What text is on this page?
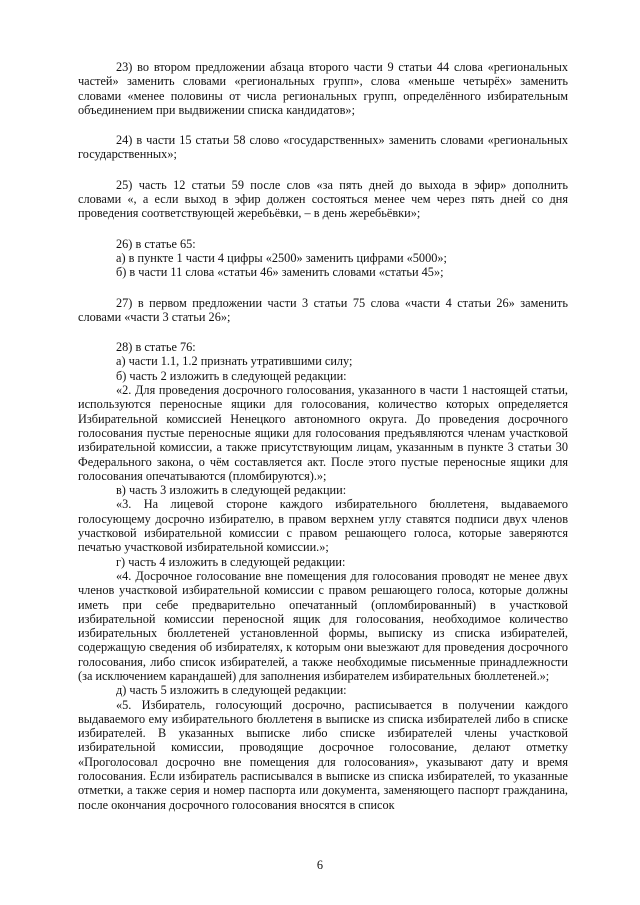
23) во втором предложении абзаца второго части 9 статьи 44 слова «региональных частей» заменить словами «региональных групп», слова «меньше четырёх» заменить словами «менее половины от числа региональных групп, определённого избирательным объединением при выдвижении списка кандидатов»;

24) в части 15 статьи 58 слово «государственных» заменить словами «региональных государственных»;

25) часть 12 статьи 59 после слов «за пять дней до выхода в эфир» дополнить словами «, а если выход в эфир должен состояться менее чем через пять дней со дня проведения соответствующей жеребьёвки, – в день жеребьёвки»;

26) в статье 65:

а) в пункте 1 части 4 цифры «2500» заменить цифрами «5000»;

б) в части 11 слова «статьи 46» заменить словами «статьи 45»;

27) в первом предложении части 3 статьи 75 слова «части 4 статьи 26» заменить словами «части 3 статьи 26»;

28) в статье 76:

а) части 1.1, 1.2 признать утратившими силу;

б) часть 2 изложить в следующей редакции:

«2. Для проведения досрочного голосования, указанного в части 1 настоящей статьи, используются переносные ящики для голосования, количество которых определяется Избирательной комиссией Ненецкого автономного округа. До проведения досрочного голосования пустые переносные ящики для голосования предъявляются членам участковой избирательной комиссии, а также присутствующим лицам, указанным в пункте 3 статьи 30 Федерального закона, о чём составляется акт. После этого пустые переносные ящики для голосования опечатываются (пломбируются).»;

в) часть 3 изложить в следующей редакции:

«3. На лицевой стороне каждого избирательного бюллетеня, выдаваемого голосующему досрочно избирателю, в правом верхнем углу ставятся подписи двух членов участковой избирательной комиссии с правом решающего голоса, которые заверяются печатью участковой избирательной комиссии.»;

г) часть 4 изложить в следующей редакции:

«4. Досрочное голосование вне помещения для голосования проводят не менее двух членов участковой избирательной комиссии с правом решающего голоса, которые должны иметь при себе предварительно опечатанный (опломбированный) в участковой избирательной комиссии переносной ящик для голосования, необходимое количество избирательных бюллетеней установленной формы, выписку из списка избирателей, содержащую сведения об избирателях, к которым они выезжают для проведения досрочного голосования, либо список избирателей, а также необходимые письменные принадлежности (за исключением карандашей) для заполнения избирателем избирательных бюллетеней.»;

д) часть 5 изложить в следующей редакции:

«5. Избиратель, голосующий досрочно, расписывается в получении каждого выдаваемого ему избирательного бюллетеня в выписке из списка избирателей либо в списке избирателей. В указанных выписке либо списке избирателей члены участковой избирательной комиссии, проводящие досрочное голосование, делают отметку «Проголосовал досрочно вне помещения для голосования», указывают дату и время голосования. Если избиратель расписывался в выписке из списка избирателей, то указанные отметки, а также серия и номер паспорта или документа, заменяющего паспорт гражданина, после окончания досрочного голосования вносятся в список

6
